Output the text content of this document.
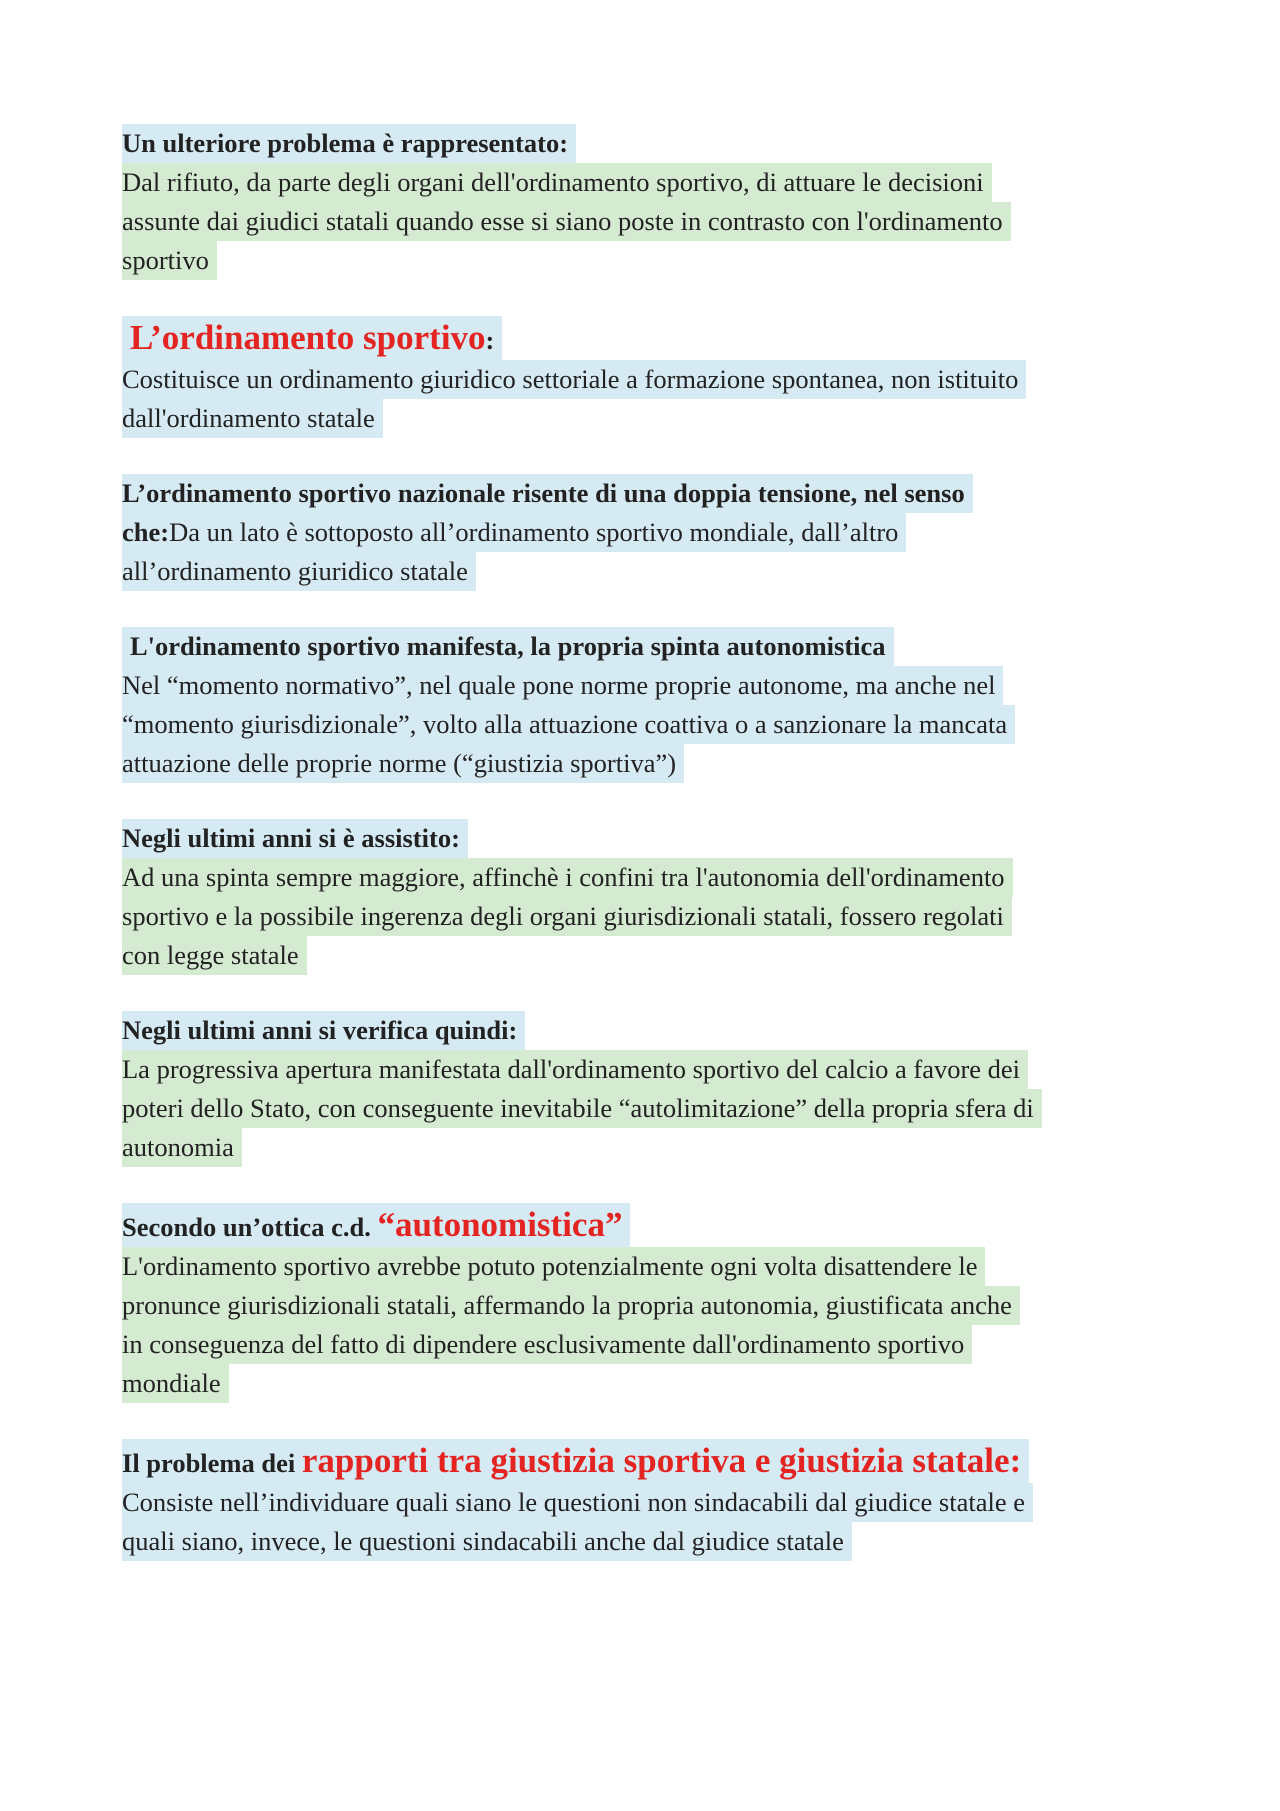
Un ulteriore problema è rappresentato:
Dal rifiuto, da parte degli organi dell'ordinamento sportivo, di attuare le decisioni
assunte dai giudici statali quando esse si siano poste in contrasto con l'ordinamento
sportivo
L’ordinamento sportivo:
Costituisce un ordinamento giuridico settoriale a formazione spontanea, non istituito
dall'ordinamento statale
L’ordinamento sportivo nazionale risente di una doppia tensione, nel senso
che:Da un lato è sottoposto all’ordinamento sportivo mondiale, dall’altro
all’ordinamento giuridico statale
L'ordinamento sportivo manifesta, la propria spinta autonomistica
Nel “momento normativo”, nel quale pone norme proprie autonome, ma anche nel
“momento giurisdizionale”, volto alla attuazione coattiva o a sanzionare la mancata
attuazione delle proprie norme (“giustizia sportiva”)
Negli ultimi anni si è assistito:
Ad una spinta sempre maggiore, affinchè i confini tra l'autonomia dell'ordinamento
sportivo e la possibile ingerenza degli organi giurisdizionali statali, fossero regolati
con legge statale
Negli ultimi anni si verifica quindi:
La progressiva apertura manifestata dall'ordinamento sportivo del calcio a favore dei
poteri dello Stato, con conseguente inevitabile “autolimitazione” della propria sfera di
autonomia
Secondo un’ottica c.d. “autonomistica”
L'ordinamento sportivo avrebbe potuto potenzialmente ogni volta disattendere le
pronunce giurisdizionali statali, affermando la propria autonomia, giustificata anche
in conseguenza del fatto di dipendere esclusivamente dall'ordinamento sportivo
mondiale
Il problema dei rapporti tra giustizia sportiva e giustizia statale:
Consiste nell’individuare quali siano le questioni non sindacabili dal giudice statale e
quali siano, invece, le questioni sindacabili anche dal giudice statale
